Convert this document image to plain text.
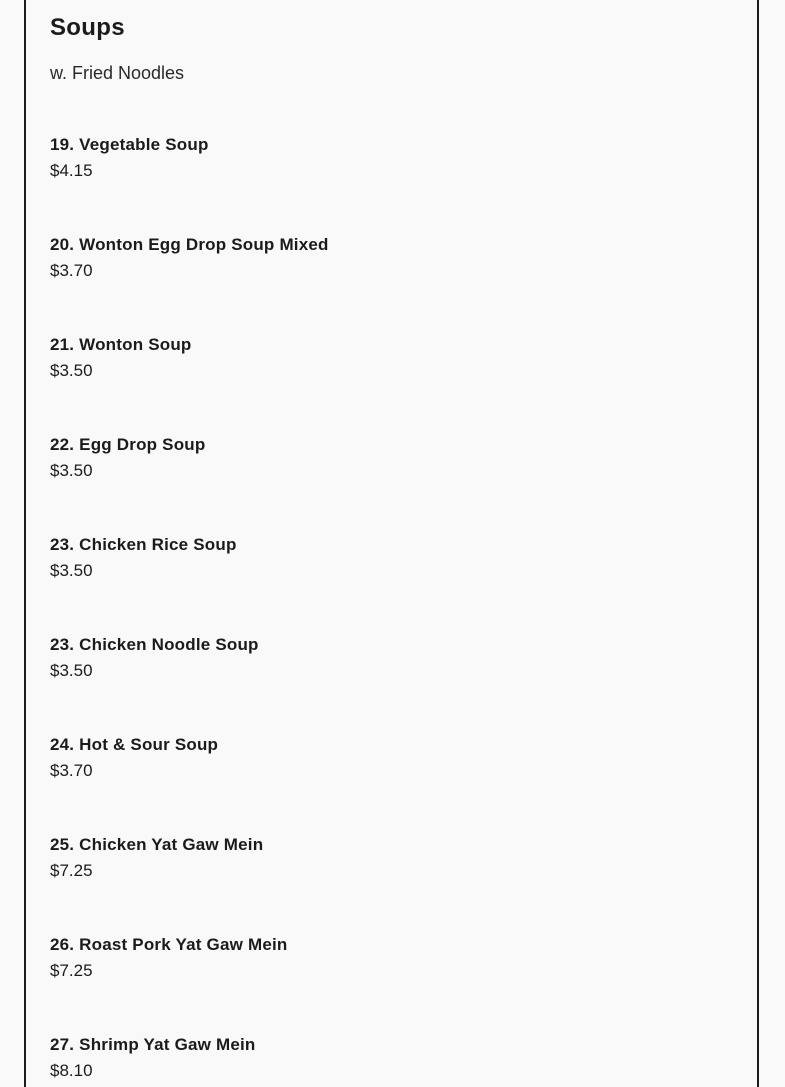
Soups

w. Fried Noodles

19. Vegetable Soup
$4.15
20. Wonton Egg Drop Soup Mixed
$3.70
21. Wonton Soup
$3.50
22. Egg Drop Soup
$3.50
23. Chicken Rice Soup
$3.50
23. Chicken Noodle Soup
$3.50
24. Hot & Sour Soup
$3.70
25. Chicken Yat Gaw Mein
$7.25
26. Roast Pork Yat Gaw Mein
$7.25
27. Shrimp Yat Gaw Mein
$8.10
